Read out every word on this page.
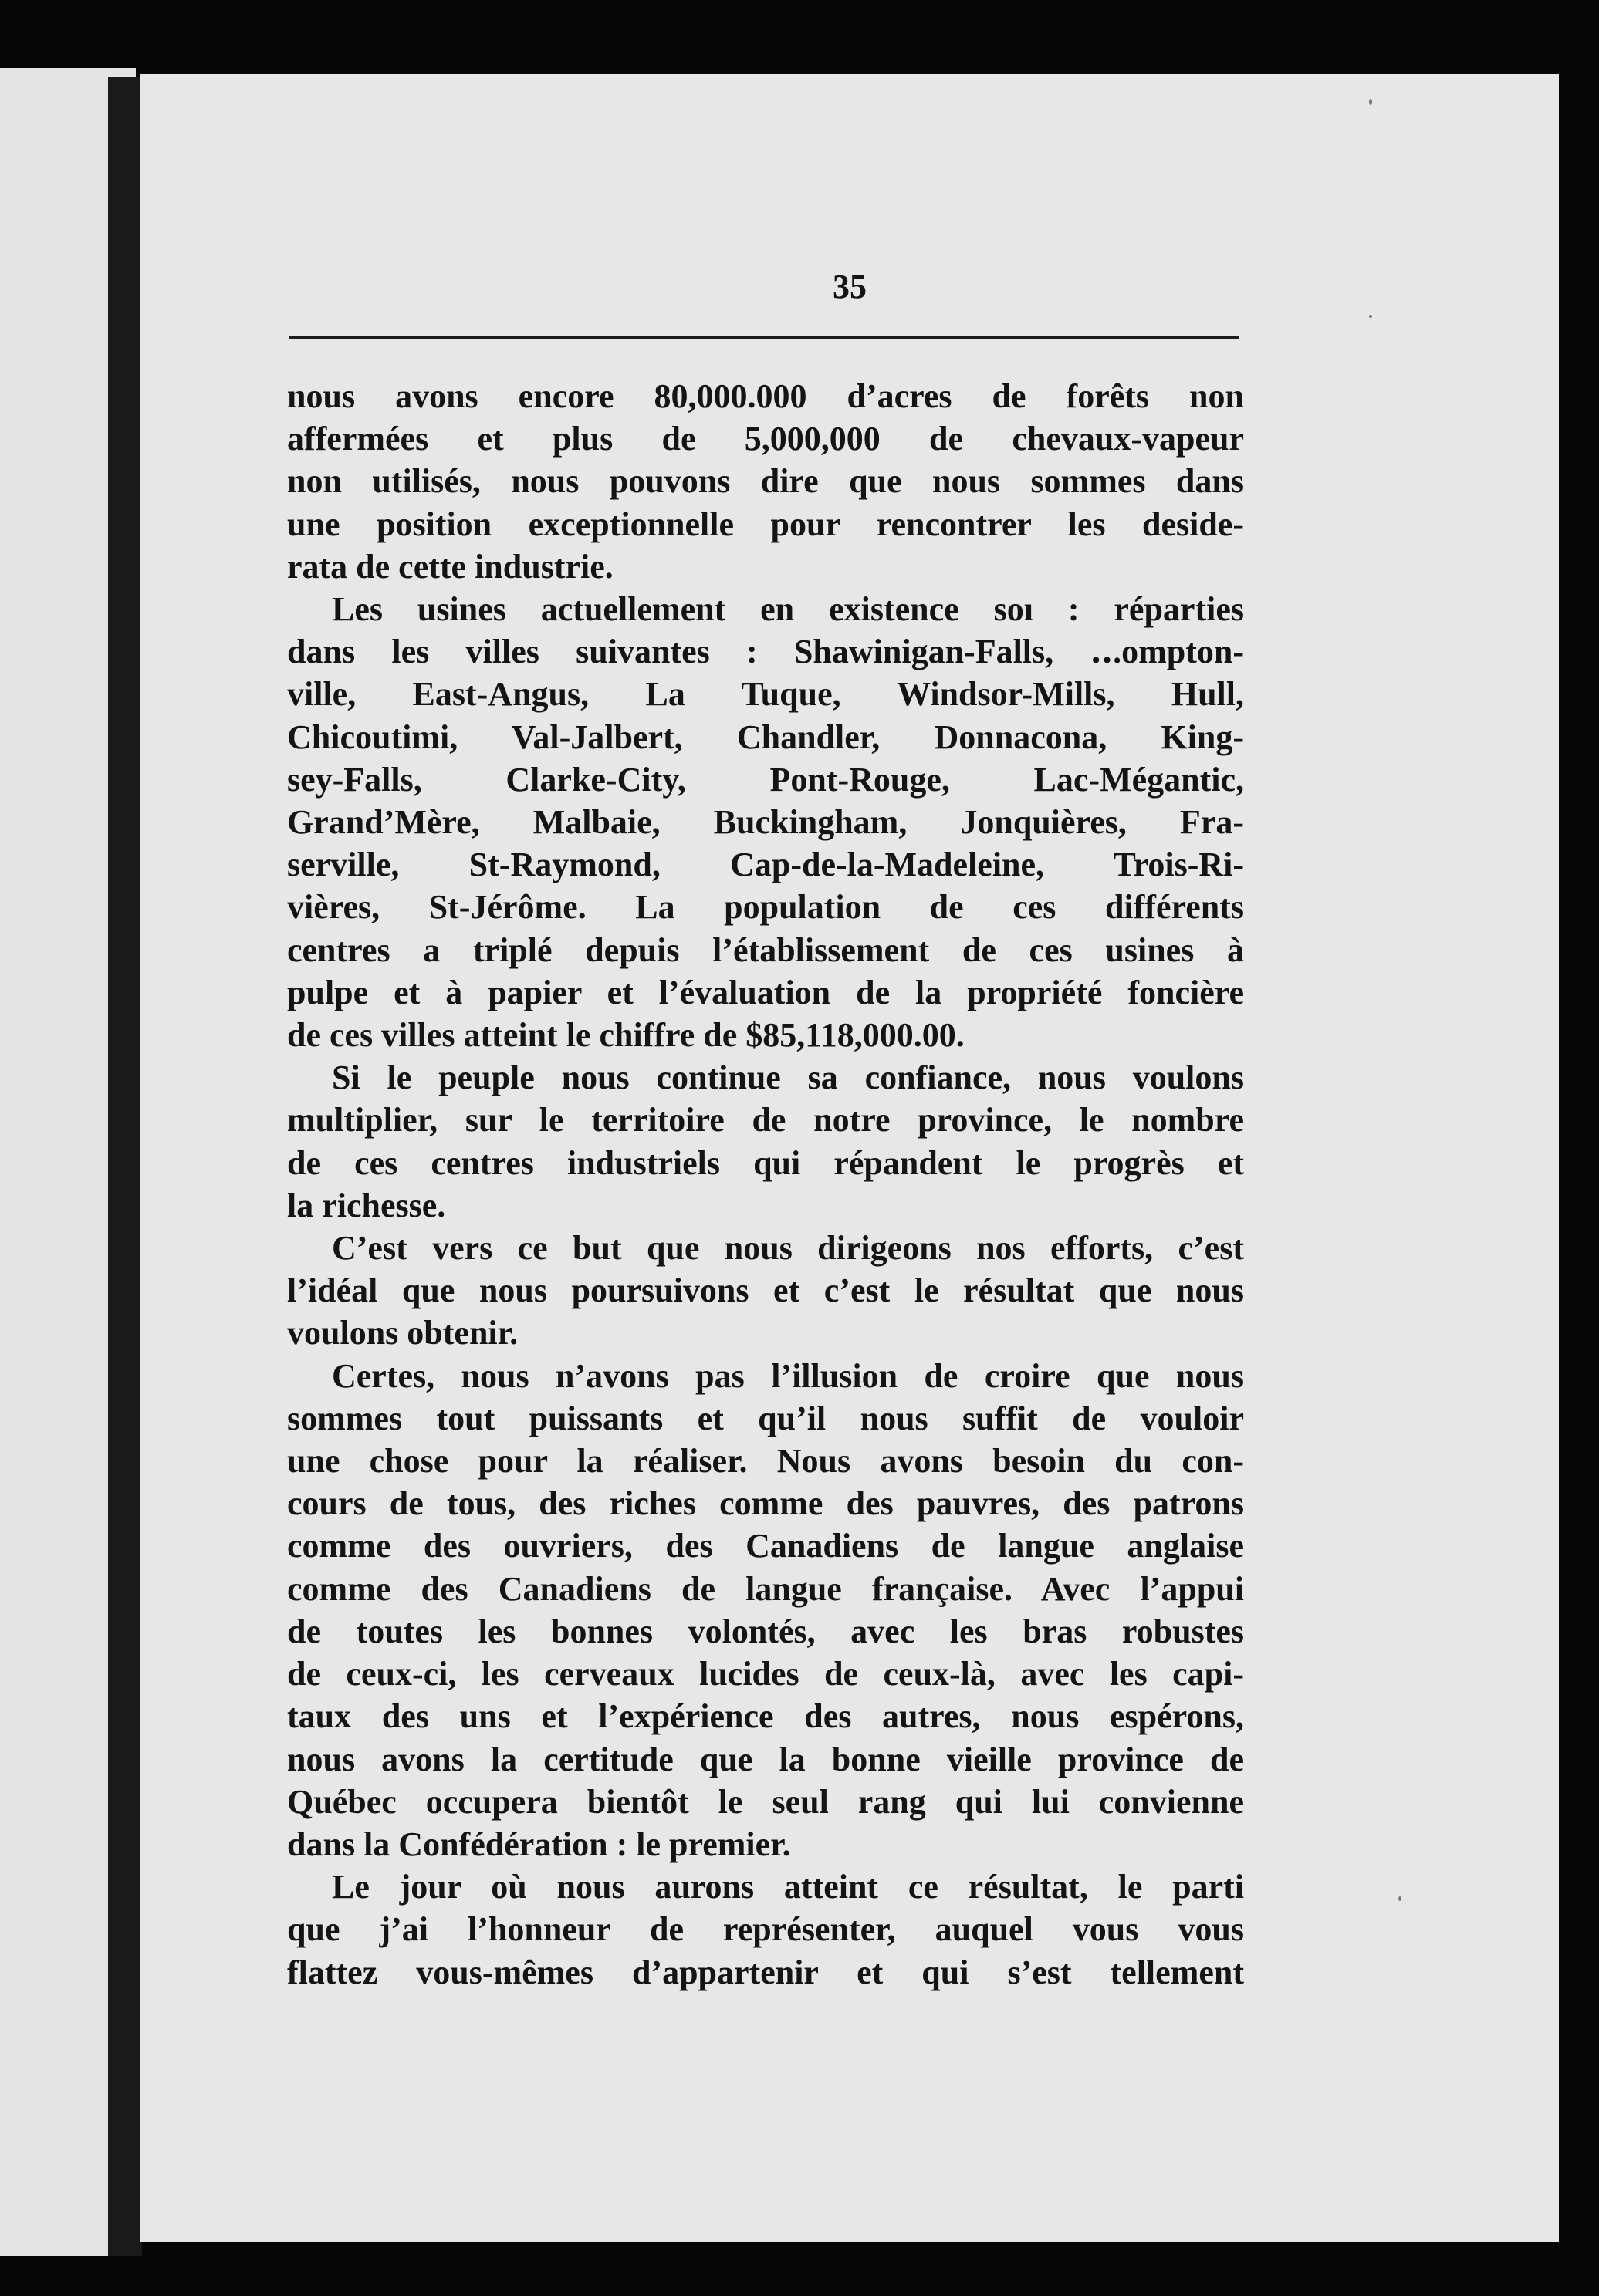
35
nous avons encore 80,000.000 d’acres de forêts non
affermées et plus de 5,000,000 de chevaux-vapeur
non utilisés, nous pouvons dire que nous sommes dans
une position exceptionnelle pour rencontrer les deside-
rata de cette industrie.
Les usines actuellement en existence soı : réparties
dans les villes suivantes : Shawinigan-Falls, ‥.ompton-
ville, East-Angus, La Tuque, Windsor-Mills, Hull,
Chicoutimi, Val-Jalbert, Chandler, Donnacona, King-
sey-Falls, Clarke-City, Pont-Rouge, Lac-Mégantic,
Grand’Mère, Malbaie, Buckingham, Jonquières, Fra-
serville, St-Raymond, Cap-de-la-Madeleine, Trois-Ri-
vières, St-Jérôme. La population de ces différents
centres a triplé depuis l’établissement de ces usines à
pulpe et à papier et l’évaluation de la propriété foncière
de ces villes atteint le chiffre de $85,118,000.00.
Si le peuple nous continue sa confiance, nous voulons
multiplier, sur le territoire de notre province, le nombre
de ces centres industriels qui répandent le progrès et
la richesse.
C’est vers ce but que nous dirigeons nos efforts, c’est
l’idéal que nous poursuivons et c’est le résultat que nous
voulons obtenir.
Certes, nous n’avons pas l’illusion de croire que nous
sommes tout puissants et qu’il nous suffit de vouloir
une chose pour la réaliser. Nous avons besoin du con-
cours de tous, des riches comme des pauvres, des patrons
comme des ouvriers, des Canadiens de langue anglaise
comme des Canadiens de langue française. Avec l’appui
de toutes les bonnes volontés, avec les bras robustes
de ceux-ci, les cerveaux lucides de ceux-là, avec les capi-
taux des uns et l’expérience des autres, nous espérons,
nous avons la certitude que la bonne vieille province de
Québec occupera bientôt le seul rang qui lui convienne
dans la Confédération : le premier.
Le jour où nous aurons atteint ce résultat, le parti
que j’ai l’honneur de représenter, auquel vous vous
flattez vous-mêmes d’appartenir et qui s’est tellement
